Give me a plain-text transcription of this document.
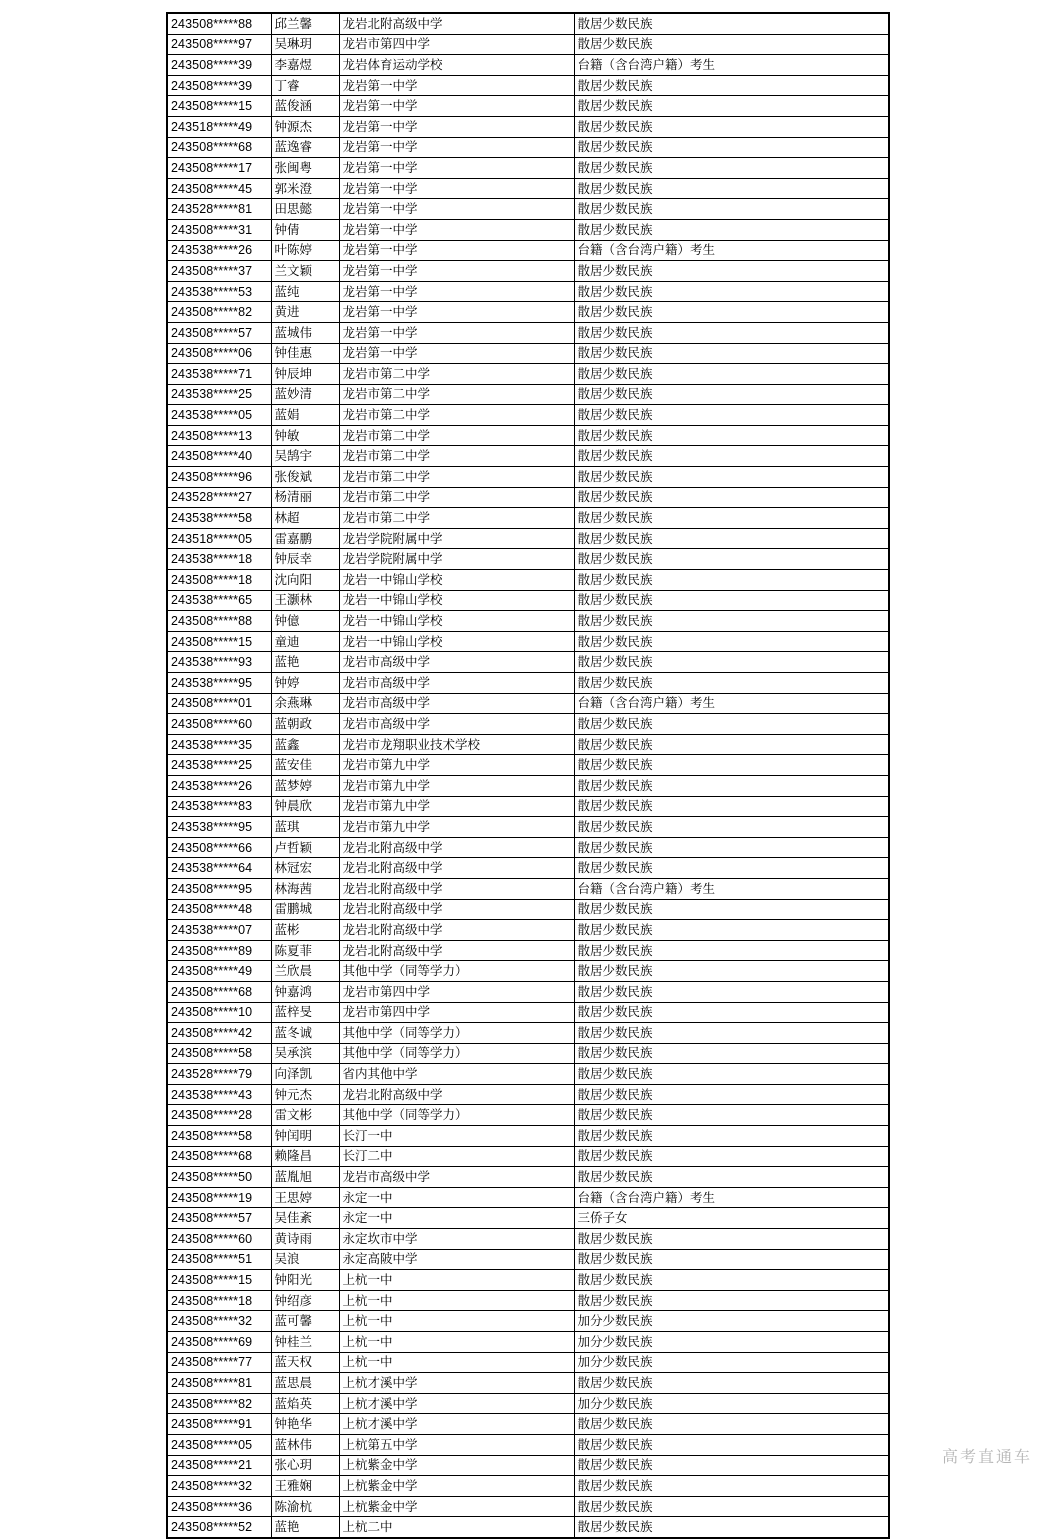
243508*****88	邱兰馨	龙岩北附高级中学	散居少数民族
243508*****97	吴琳玥	龙岩市第四中学	散居少数民族
243508*****39	李嘉煜	龙岩体育运动学校	台籍（含台湾户籍）考生
243508*****39	丁睿	龙岩第一中学	散居少数民族
243508*****15	蓝俊涵	龙岩第一中学	散居少数民族
243518*****49	钟源杰	龙岩第一中学	散居少数民族
243508*****68	蓝逸睿	龙岩第一中学	散居少数民族
243508*****17	张闽粤	龙岩第一中学	散居少数民族
243508*****45	郭米澄	龙岩第一中学	散居少数民族
243528*****81	田思懿	龙岩第一中学	散居少数民族
243508*****31	钟倩	龙岩第一中学	散居少数民族
243538*****26	叶陈婷	龙岩第一中学	台籍（含台湾户籍）考生
243508*****37	兰文颖	龙岩第一中学	散居少数民族
243538*****53	蓝纯	龙岩第一中学	散居少数民族
243508*****82	黄进	龙岩第一中学	散居少数民族
243508*****57	蓝城伟	龙岩第一中学	散居少数民族
243508*****06	钟佳惠	龙岩第一中学	散居少数民族
243538*****71	钟辰坤	龙岩市第二中学	散居少数民族
243538*****25	蓝妙清	龙岩市第二中学	散居少数民族
243538*****05	蓝娟	龙岩市第二中学	散居少数民族
243508*****13	钟敏	龙岩市第二中学	散居少数民族
243508*****40	吴鹄宇	龙岩市第二中学	散居少数民族
243508*****96	张俊斌	龙岩市第二中学	散居少数民族
243528*****27	杨清丽	龙岩市第二中学	散居少数民族
243538*****58	林超	龙岩市第二中学	散居少数民族
243518*****05	雷嘉鹏	龙岩学院附属中学	散居少数民族
243538*****18	钟辰幸	龙岩学院附属中学	散居少数民族
243508*****18	沈向阳	龙岩一中锦山学校	散居少数民族
243538*****65	王灏林	龙岩一中锦山学校	散居少数民族
243508*****88	钟億	龙岩一中锦山学校	散居少数民族
243508*****15	童迪	龙岩一中锦山学校	散居少数民族
243538*****93	蓝艳	龙岩市高级中学	散居少数民族
243538*****95	钟婷	龙岩市高级中学	散居少数民族
243508*****01	余燕琳	龙岩市高级中学	台籍（含台湾户籍）考生
243508*****60	蓝朝政	龙岩市高级中学	散居少数民族
243538*****35	蓝鑫	龙岩市龙翔职业技术学校	散居少数民族
243538*****25	蓝安佳	龙岩市第九中学	散居少数民族
243538*****26	蓝梦婷	龙岩市第九中学	散居少数民族
243538*****83	钟晨欣	龙岩市第九中学	散居少数民族
243538*****95	蓝琪	龙岩市第九中学	散居少数民族
243508*****66	卢哲颖	龙岩北附高级中学	散居少数民族
243538*****64	林冠宏	龙岩北附高级中学	散居少数民族
243508*****95	林海茜	龙岩北附高级中学	台籍（含台湾户籍）考生
243508*****48	雷鹏城	龙岩北附高级中学	散居少数民族
243538*****07	蓝彬	龙岩北附高级中学	散居少数民族
243508*****89	陈夏菲	龙岩北附高级中学	散居少数民族
243508*****49	兰欣晨	其他中学（同等学力）	散居少数民族
243508*****68	钟嘉鸿	龙岩市第四中学	散居少数民族
243508*****10	蓝梓旻	龙岩市第四中学	散居少数民族
243508*****42	蓝冬诚	其他中学（同等学力）	散居少数民族
243508*****58	吴承滨	其他中学（同等学力）	散居少数民族
243528*****79	向泽凯	省内其他中学	散居少数民族
243538*****43	钟元杰	龙岩北附高级中学	散居少数民族
243508*****28	雷文彬	其他中学（同等学力）	散居少数民族
243508*****58	钟闰明	长汀一中	散居少数民族
243508*****68	赖隆昌	长汀二中	散居少数民族
243508*****50	蓝胤旭	龙岩市高级中学	散居少数民族
243508*****19	王思婷	永定一中	台籍（含台湾户籍）考生
243508*****57	吴佳紊	永定一中	三侨子女
243508*****60	黄诗雨	永定坎市中学	散居少数民族
243508*****51	吴浪	永定高陂中学	散居少数民族
243508*****15	钟阳光	上杭一中	散居少数民族
243508*****18	钟绍彦	上杭一中	散居少数民族
243508*****32	蓝可馨	上杭一中	加分少数民族
243508*****69	钟桂兰	上杭一中	加分少数民族
243508*****77	蓝天权	上杭一中	加分少数民族
243508*****81	蓝思晨	上杭才溪中学	散居少数民族
243508*****82	蓝焰英	上杭才溪中学	加分少数民族
243508*****91	钟艳华	上杭才溪中学	散居少数民族
243508*****05	蓝林伟	上杭第五中学	散居少数民族
243508*****21	张心玥	上杭紫金中学	散居少数民族
243508*****32	王雅娴	上杭紫金中学	散居少数民族
243508*****36	陈渝杭	上杭紫金中学	散居少数民族
243508*****52	蓝艳	上杭二中	散居少数民族
高考直通车
